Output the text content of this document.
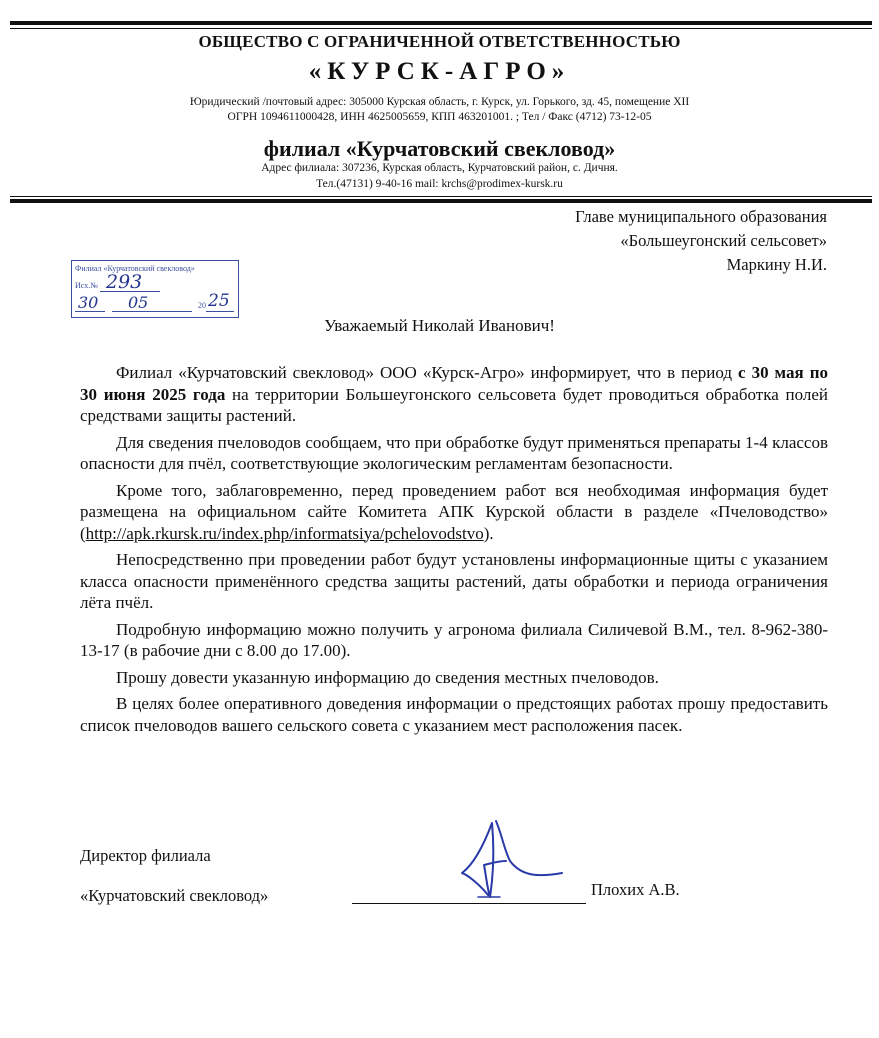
ОБЩЕСТВО С ОГРАНИЧЕННОЙ ОТВЕТСТВЕННОСТЬЮ
«КУРСК-АГРО»
Юридический /почтовый адрес: 305000 Курская область, г. Курск, ул. Горького, зд. 45, помещение XII
ОГРН 1094611000428, ИНН 4625005659, КПП 463201001. ; Тел / Факс (4712) 73-12-05
филиал «Курчатовский свекловод»
Адрес филиала: 307236, Курская область, Курчатовский район, с. Дичня.
Тел.(47131) 9-40-16 mail: krchs@prodimex-kursk.ru
Главе муниципального образования
«Большеугонский сельсовет»
Маркину Н.И.
Филиал «Курчатовский свекловод»
Исх.№ 293
30 05	20 25
Уважаемый Николай Иванович!

Филиал «Курчатовский свекловод» ООО «Курск-Агро» информирует, что в период с 30 мая по 30 июня 2025 года на территории Большеугонского сельсовета будет проводиться обработка полей средствами защиты растений.

Для сведения пчеловодов сообщаем, что при обработке будут применяться препараты 1-4 классов опасности для пчёл, соответствующие экологическим регламентам безопасности.

Кроме того, заблаговременно, перед проведением работ вся необходимая информация будет размещена на официальном сайте Комитета АПК Курской области в разделе «Пчеловодство» (http://apk.rkursk.ru/index.php/informatsiya/pchelovodstvo).

Непосредственно при проведении работ будут установлены информационные щиты с указанием класса опасности применённого средства защиты растений, даты обработки и периода ограничения лёта пчёл.

Подробную информацию можно получить у агронома филиала Силичевой В.М., тел. 8-962-380-13-17 (в рабочие дни с 8.00 до 17.00).

Прошу довести указанную информацию до сведения местных пчеловодов.

В целях более оперативного доведения информации о предстоящих работах прошу предоставить список пчеловодов вашего сельского совета с указанием мест расположения пасек.

Директор филиала
«Курчатовский свекловод»	Плохих А.В.
